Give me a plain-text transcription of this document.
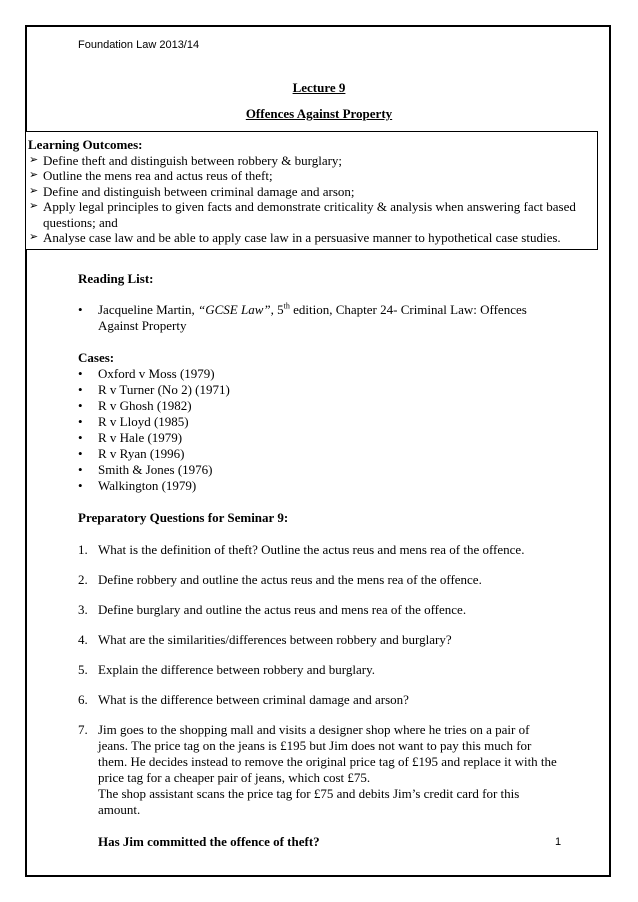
Foundation Law 2013/14
Lecture 9
Offences Against Property
Learning Outcomes:
➢ Define theft and distinguish between robbery & burglary;
➢ Outline the mens rea and actus reus of theft;
➢ Define and distinguish between criminal damage and arson;
➢ Apply legal principles to given facts and demonstrate criticality & analysis when answering fact based questions; and
➢ Analyse case law and be able to apply case law in a persuasive manner to hypothetical case studies.
Reading List:
•	Jacqueline Martin, “GCSE Law”, 5th edition, Chapter 24- Criminal Law: Offences Against Property
Cases:
•	Oxford v Moss (1979)
•	R v Turner (No 2) (1971)
•	R v Ghosh (1982)
•	R v Lloyd (1985)
•	R v Hale (1979)
•	R v Ryan (1996)
•	Smith & Jones (1976)
•	Walkington (1979)
Preparatory Questions for Seminar 9:
1. What is the definition of theft? Outline the actus reus and mens rea of the offence.
2. Define robbery and outline the actus reus and the mens rea of the offence.
3. Define burglary and outline the actus reus and mens rea of the offence.
4. What are the similarities/differences between robbery and burglary?
5. Explain the difference between robbery and burglary.
6. What is the difference between criminal damage and arson?
7. Jim goes to the shopping mall and visits a designer shop where he tries on a pair of jeans. The price tag on the jeans is £195 but Jim does not want to pay this much for them. He decides instead to remove the original price tag of £195 and replace it with the price tag for a cheaper pair of jeans, which cost £75.
The shop assistant scans the price tag for £75 and debits Jim’s credit card for this amount.
Has Jim committed the offence of theft?	1
